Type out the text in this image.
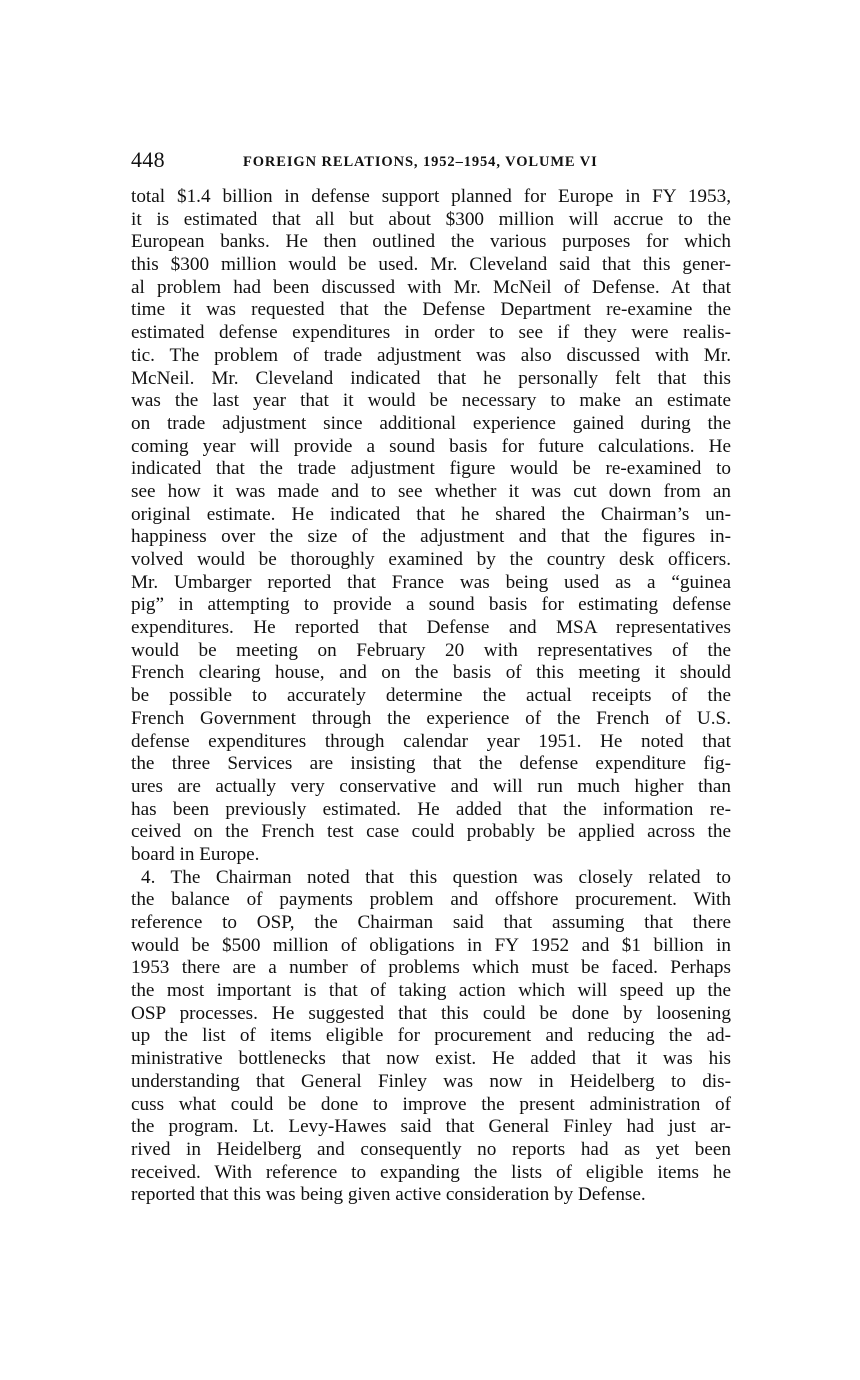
448	FOREIGN RELATIONS, 1952–1954, VOLUME VI
total $1.4 billion in defense support planned for Europe in FY 1953,
it is estimated that all but about $300 million will accrue to the
European banks. He then outlined the various purposes for which
this $300 million would be used. Mr. Cleveland said that this gener-
al problem had been discussed with Mr. McNeil of Defense. At that
time it was requested that the Defense Department re-examine the
estimated defense expenditures in order to see if they were realis-
tic. The problem of trade adjustment was also discussed with Mr.
McNeil. Mr. Cleveland indicated that he personally felt that this
was the last year that it would be necessary to make an estimate
on trade adjustment since additional experience gained during the
coming year will provide a sound basis for future calculations. He
indicated that the trade adjustment figure would be re-examined to
see how it was made and to see whether it was cut down from an
original estimate. He indicated that he shared the Chairman’s un-
happiness over the size of the adjustment and that the figures in-
volved would be thoroughly examined by the country desk officers.
Mr. Umbarger reported that France was being used as a “guinea
pig” in attempting to provide a sound basis for estimating defense
expenditures. He reported that Defense and MSA representatives
would be meeting on February 20 with representatives of the
French clearing house, and on the basis of this meeting it should
be possible to accurately determine the actual receipts of the
French Government through the experience of the French of U.S.
defense expenditures through calendar year 1951. He noted that
the three Services are insisting that the defense expenditure fig-
ures are actually very conservative and will run much higher than
has been previously estimated. He added that the information re-
ceived on the French test case could probably be applied across the
board in Europe.
4. The Chairman noted that this question was closely related to
the balance of payments problem and offshore procurement. With
reference to OSP, the Chairman said that assuming that there
would be $500 million of obligations in FY 1952 and $1 billion in
1953 there are a number of problems which must be faced. Perhaps
the most important is that of taking action which will speed up the
OSP processes. He suggested that this could be done by loosening
up the list of items eligible for procurement and reducing the ad-
ministrative bottlenecks that now exist. He added that it was his
understanding that General Finley was now in Heidelberg to dis-
cuss what could be done to improve the present administration of
the program. Lt. Levy-Hawes said that General Finley had just ar-
rived in Heidelberg and consequently no reports had as yet been
received. With reference to expanding the lists of eligible items he
reported that this was being given active consideration by Defense.
